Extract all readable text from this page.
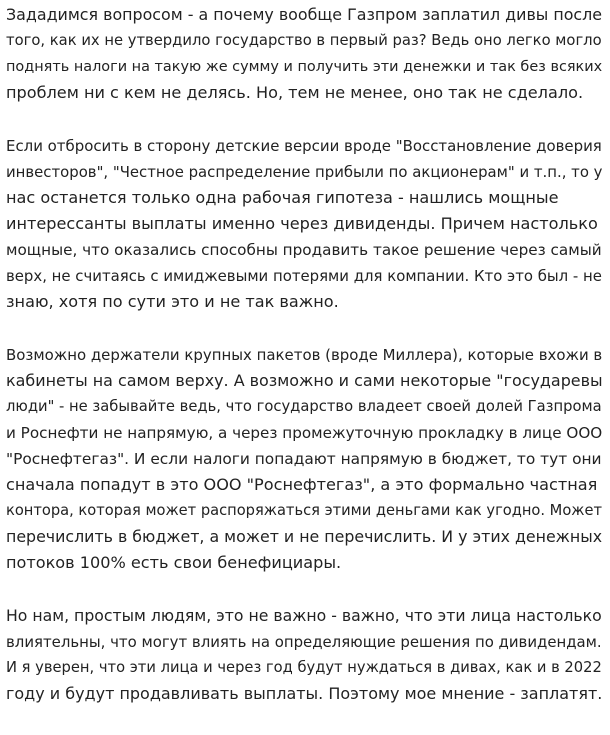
Зададимся вопросом - а почему вообще Газпром заплатил дивы после
того, как их не утвердило государство в первый раз? Ведь оно легко могло
поднять налоги на такую же сумму и получить эти денежки и так без всяких
проблем ни с кем не делясь. Но, тем не менее, оно так не сделало.

Если отбросить в сторону детские версии вроде "Восстановление доверия
инвесторов", "Честное распределение прибыли по акционерам" и т.п., то у
нас останется только одна рабочая гипотеза - нашлись мощные
интерессанты выплаты именно через дивиденды. Причем настолько
мощные, что оказались способны продавить такое решение через самый
верх, не считаясь с имиджевыми потерями для компании. Кто это был - не
знаю, хотя по сути это и не так важно.

Возможно держатели крупных пакетов (вроде Миллера), которые вхожи в
кабинеты на самом верху. А возможно и сами некоторые "государевы
люди" - не забывайте ведь, что государство владеет своей долей Газпрома
и Роснефти не напрямую, а через промежуточную прокладку в лице ООО
"Роснефтегаз". И если налоги попадают напрямую в бюджет, то тут они
сначала попадут в это ООО "Роснефтегаз", а это формально частная
контора, которая может распоряжаться этими деньгами как угодно. Может
перечислить в бюджет, а может и не перечислить. И у этих денежных
потоков 100% есть свои бенефициары.

Но нам, простым людям, это не важно - важно, что эти лица настолько
влиятельны, что могут влиять на определяющие решения по дивидендам.
И я уверен, что эти лица и через год будут нуждаться в дивах, как и в 2022
году и будут продавливать выплаты. Поэтому мое мнение - заплатят.
